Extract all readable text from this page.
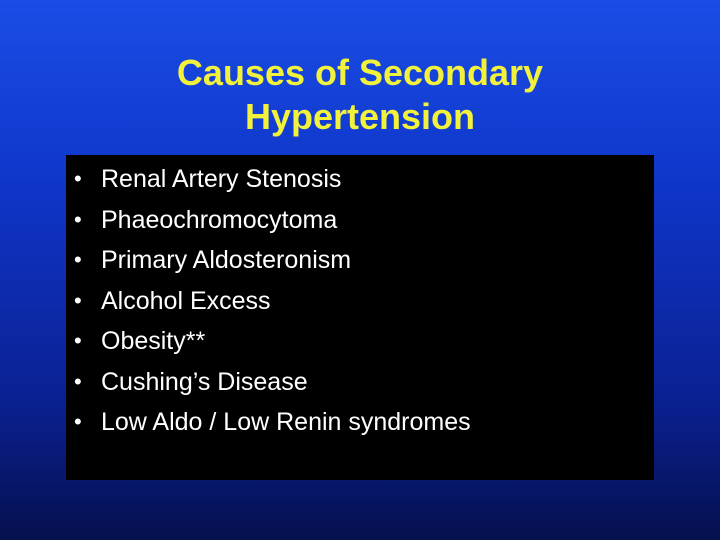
Causes of Secondary
Hypertension
• Renal Artery Stenosis
• Phaeochromocytoma
• Primary Aldosteronism
• Alcohol Excess
• Obesity**
• Cushing’s Disease
• Low Aldo / Low Renin syndromes
